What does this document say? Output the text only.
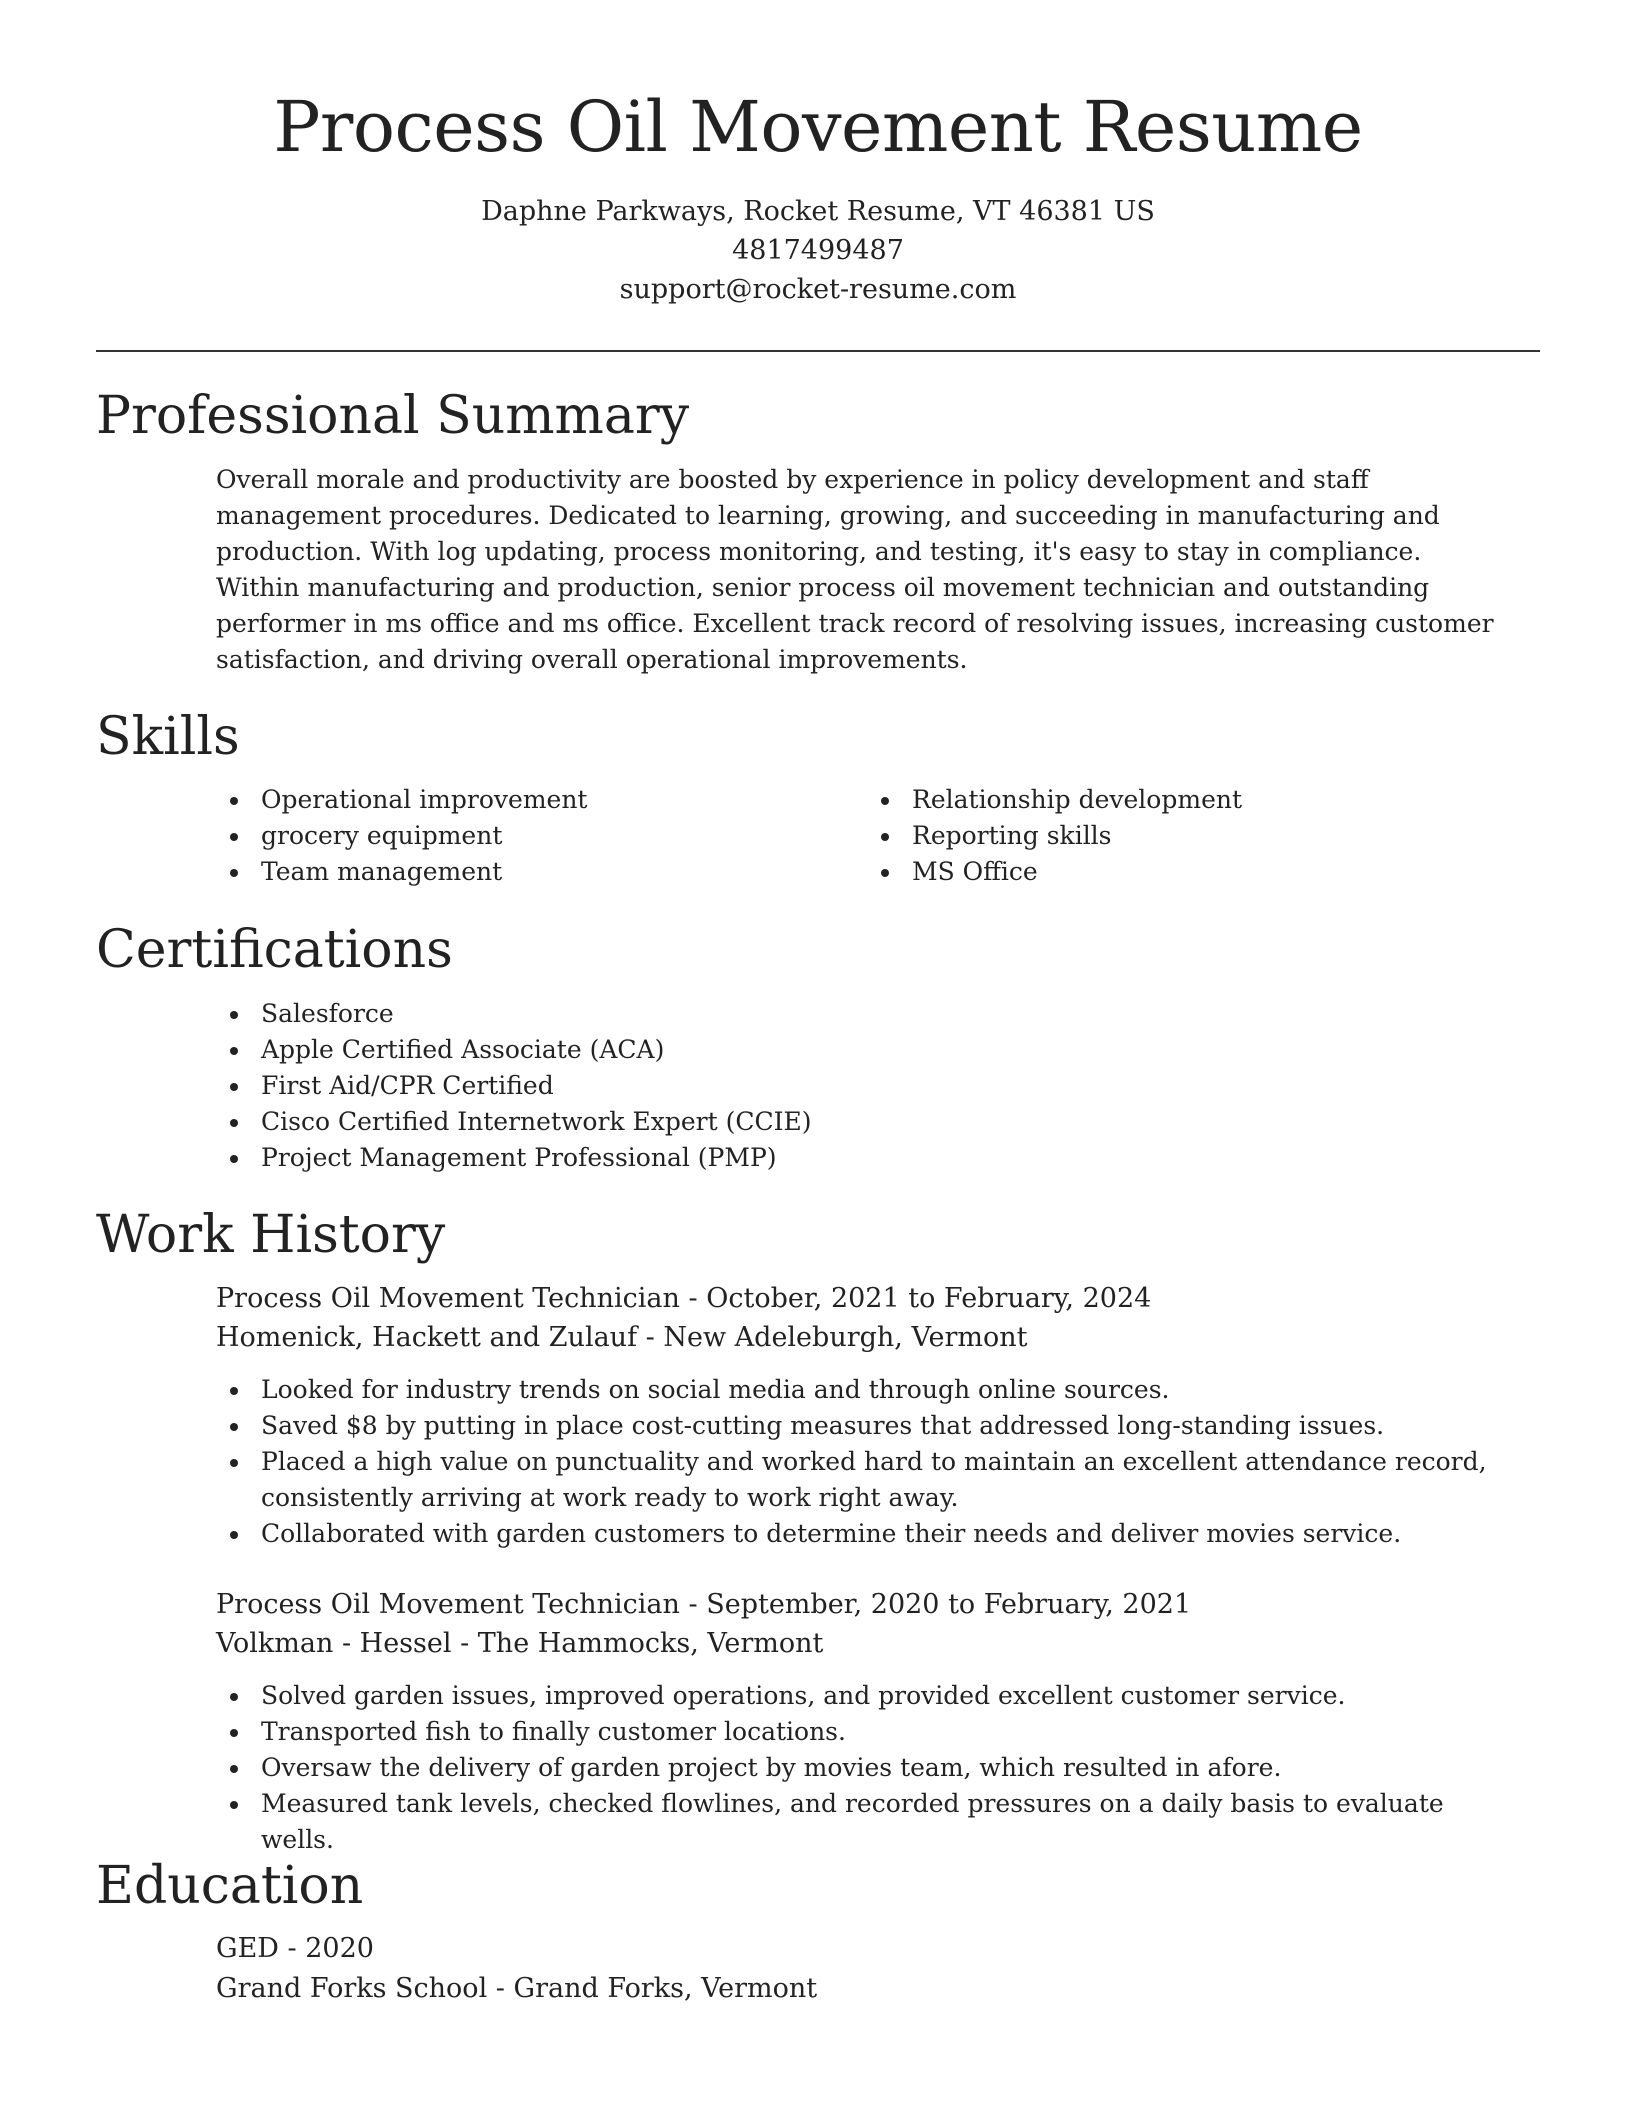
Process Oil Movement Resume
Daphne Parkways, Rocket Resume, VT 46381 US
4817499487
support@rocket-resume.com
Professional Summary

Overall morale and productivity are boosted by experience in policy development and staff management procedures. Dedicated to learning, growing, and succeeding in manufacturing and production. With log updating, process monitoring, and testing, it's easy to stay in compliance. Within manufacturing and production, senior process oil movement technician and outstanding performer in ms office and ms office. Excellent track record of resolving issues, increasing customer satisfaction, and driving overall operational improvements.

Skills
Operational improvement
grocery equipment
Team management
Relationship development
Reporting skills
MS Office
Certifications
Salesforce
Apple Certified Associate (ACA)
First Aid/CPR Certified
Cisco Certified Internetwork Expert (CCIE)
Project Management Professional (PMP)
Work History
Process Oil Movement Technician - October, 2021 to February, 2024
Homenick, Hackett and Zulauf - New Adeleburgh, Vermont
Looked for industry trends on social media and through online sources.
Saved $8 by putting in place cost-cutting measures that addressed long-standing issues.
Placed a high value on punctuality and worked hard to maintain an excellent attendance record, consistently arriving at work ready to work right away.
Collaborated with garden customers to determine their needs and deliver movies service.
Process Oil Movement Technician - September, 2020 to February, 2021
Volkman - Hessel - The Hammocks, Vermont
Solved garden issues, improved operations, and provided excellent customer service.
Transported fish to finally customer locations.
Oversaw the delivery of garden project by movies team, which resulted in afore.
Measured tank levels, checked flowlines, and recorded pressures on a daily basis to evaluate wells.
Education
GED - 2020
Grand Forks School - Grand Forks, Vermont
